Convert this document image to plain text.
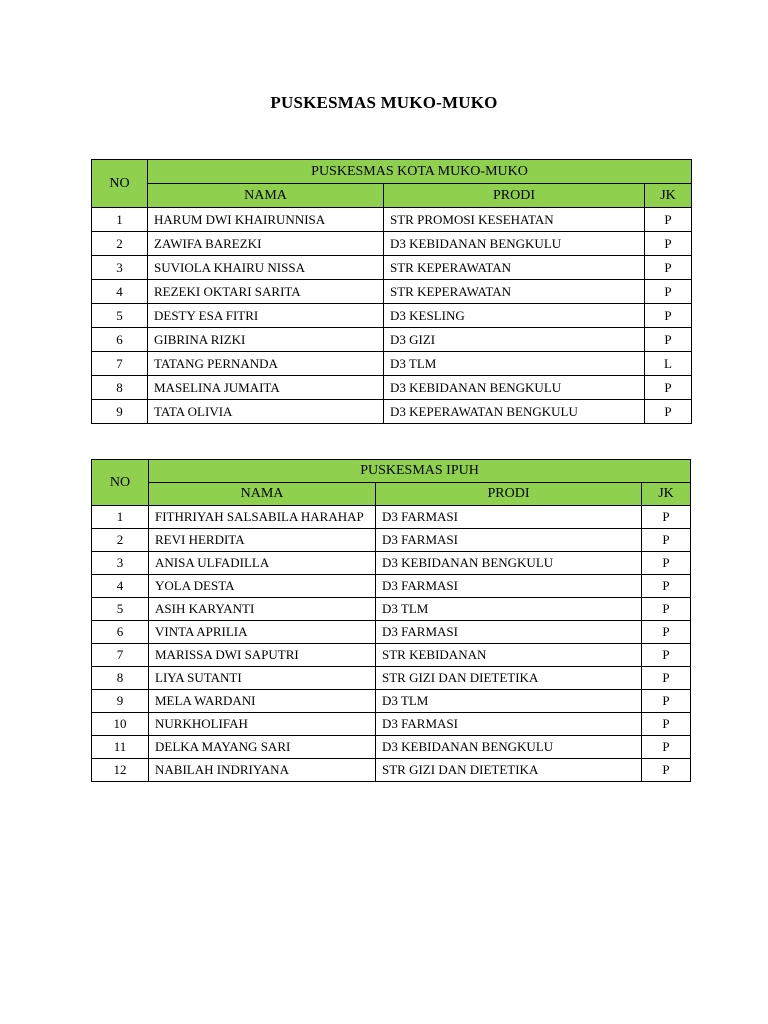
PUSKESMAS MUKO-MUKO
NO	PUSKESMAS KOTA MUKO-MUKO		
	NAMA	PRODI	JK
1	HARUM DWI KHAIRUNNISA	STR PROMOSI KESEHATAN	P
2	ZAWIFA BAREZKI	D3 KEBIDANAN BENGKULU	P
3	SUVIOLA KHAIRU NISSA	STR KEPERAWATAN	P
4	REZEKI OKTARI SARITA	STR KEPERAWATAN	P
5	DESTY ESA FITRI	D3 KESLING	P
6	GIBRINA RIZKI	D3 GIZI	P
7	TATANG PERNANDA	D3 TLM	L
8	MASELINA JUMAITA	D3 KEBIDANAN BENGKULU	P
9	TATA OLIVIA	D3 KEPERAWATAN BENGKULU	P
NO	PUSKESMAS IPUH		
	NAMA	PRODI	JK
1	FITHRIYAH SALSABILA HARAHAP	D3 FARMASI	P
2	REVI HERDITA	D3 FARMASI	P
3	ANISA ULFADILLA	D3 KEBIDANAN BENGKULU	P
4	YOLA DESTA	D3 FARMASI	P
5	ASIH KARYANTI	D3 TLM	P
6	VINTA APRILIA	D3 FARMASI	P
7	MARISSA DWI SAPUTRI	STR KEBIDANAN	P
8	LIYA SUTANTI	STR GIZI DAN DIETETIKA	P
9	MELA WARDANI	D3 TLM	P
10	NURKHOLIFAH	D3 FARMASI	P
11	DELKA MAYANG SARI	D3 KEBIDANAN BENGKULU	P
12	NABILAH INDRIYANA	STR GIZI DAN DIETETIKA	P
